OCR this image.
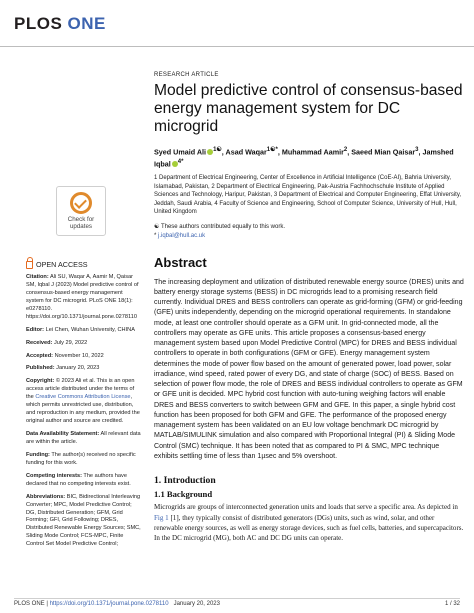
PLOS ONE
Check for updates
OPEN ACCESS
Citation: Ali SU, Waqar A, Aamir M, Qaisar SM, Iqbal J (2023) Model predictive control of consensus-based energy management system for DC microgrid. PLoS ONE 18(1): e0278110. https://doi.org/10.1371/journal.pone.0278110
Editor: Lei Chen, Wuhan University, CHINA
Received: July 29, 2022
Accepted: November 10, 2022
Published: January 20, 2023
Copyright: © 2023 Ali et al. This is an open access article distributed under the terms of the Creative Commons Attribution License, which permits unrestricted use, distribution, and reproduction in any medium, provided the original author and source are credited.
Data Availability Statement: All relevant data are within the article.
Funding: The author(s) received no specific funding for this work.
Competing interests: The authors have declared that no competing interests exist.
Abbreviations: BIC, Bidirectional Interleaving Converter; MPC, Model Predictive Control; DG, Distributed Generation; GFM, Grid Forming; GFI, Grid Following; DRES, Distributed Renewable Energy Sources; SMC, Sliding Mode Control; FCS-MPC, Finite Control Set Model Predictive Control;
RESEARCH ARTICLE
Model predictive control of consensus-based energy management system for DC microgrid
Syed Umaid Ali $^{1☯}$, Asad Waqar$^{1☯*}$, Muhammad Aamir$^2$, Saeed Mian Qaisar$^3$, Jamshed Iqbal $^{4*}$
1 Department of Electrical Engineering, Center of Excellence in Artificial Intelligence (CoE-AI), Bahria University, Islamabad, Pakistan, 2 Department of Electrical Engineering, Pak-Austria Fachhochschule Institute of Applied Sciences and Technology, Haripur, Pakistan, 3 Department of Electrical and Computer Engineering, Effat University, Jeddah, Saudi Arabia, 4 Faculty of Science and Engineering, School of Computer Science, University of Hull, Hull, United Kingdom
☯ These authors contributed equally to this work.
* j.iqbal@hull.ac.uk
Abstract

The increasing deployment and utilization of distributed renewable energy source (DRES) units and battery energy storage systems (BESS) in DC microgrids lead to a promising research field currently. Individual DRES and BESS controllers can operate as grid-forming (GFM) or grid-feeding (GFE) units independently, depending on the microgrid operational requirements. In standalone mode, at least one controller should operate as a GFM unit. In grid-connected mode, all the controllers may operate as GFE units. This article proposes a consensus-based energy management system based upon Model Predictive Control (MPC) for DRES and BESS individual controllers to operate in both configurations (GFM or GFE). Energy management system determines the mode of power flow based on the amount of generated power, load power, solar irradiance, wind speed, rated power of every DG, and state of charge (SOC) of BESS. Based on selection of power flow mode, the role of DRES and BESS individual controllers to operate as GFM or GFE unit is decided. MPC hybrid cost function with auto-tuning weighing factors will enable DRES and BESS converters to switch between GFM and GFE. In this paper, a single hybrid cost function has been proposed for both GFM and GFE. The performance of the proposed energy management system has been validated on an EU low voltage benchmark DC microgrid by MATLAB/SIMULINK simulation and also compared with Proportional Integral (PI) & Sliding Mode Control (SMC) technique. It has been noted that as compared to PI & SMC, MPC technique exhibits settling time of less than 1µsec and 5% overshoot.

1. Introduction
1.1 Background

Microgrids are groups of interconnected generation units and loads that serve a specific area. As depicted in Fig 1 [1], they typically consist of distributed generators (DGs) units, such as wind, solar, and other renewable energy sources, as well as energy storage devices, such as fuel cells, batteries, and supercapacitors. In the DC microgrid (MG), both AC and DC DG units can operate.

PLOS ONE | https://doi.org/10.1371/journal.pone.0278110
January 20, 2023	1 / 32
